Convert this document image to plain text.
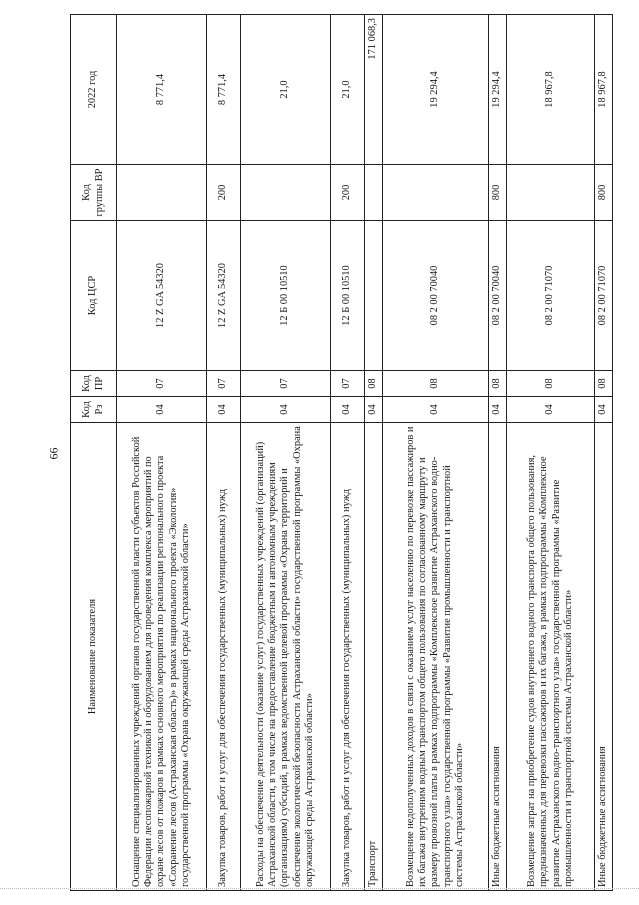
66
Наименование показателя	Код Рз	Код ПР	Код ЦСР	Код группы ВР	2022 год
Оснащение специализированных учреждений органов государственной власти субъектов Российской Федерации лесопожарной техникой и оборудованием для проведения комплекса мероприятий по охране лесов от пожаров в рамках основного мероприятия по реализации регионального проекта «Сохранение лесов (Астраханская область)» в рамках национального проекта «Экология» государственной программы «Охрана окружающей среды Астраханской области»	04	07	12 Z GA 54320		8 771,4
Закупка товаров, работ и услуг для обеспечения государственных (муниципальных) нужд	04	07	12 Z GA 54320	200	8 771,4
Расходы на обеспечение деятельности (оказание услуг) государственных учреждений (организаций) Астраханской области, в том числе на предоставление бюджетным и автономным учреждениям (организациям) субсидий, в рамках ведомственной целевой программы «Охрана территорий и обеспечение экологической безопасности Астраханской области» государственной программы «Охрана окружающей среды Астраханской области»	04	07	12 Б 00 10510		21,0
Закупка товаров, работ и услуг для обеспечения государственных (муниципальных) нужд	04	07	12 Б 00 10510	200	21,0
Транспорт	04	08			171 068,3
Возмещение недополученных доходов в связи с оказанием услуг населению по перевозке пассажиров и их багажа внутренним водным транспортом общего пользования по согласованному маршруту и размеру провозной платы в рамках подпрограммы «Комплексное развитие Астраханского водно-транспортного узла» государственной программы «Развитие промышленности и транспортной системы Астраханской области»	04	08	08 2 00 70040		19 294,4
Иные бюджетные ассигнования	04	08	08 2 00 70040	800	19 294,4
Возмещение затрат на приобретение судов внутреннего водного транспорта общего пользования, предназначенных для перевозки пассажиров и их багажа, в рамках подпрограммы «Комплексное развитие Астраханского водно-транспортного узла» государственной программы «Развитие промышленности и транспортной системы Астраханской области»	04	08	08 2 00 71070		18 967,8
Иные бюджетные ассигнования	04	08	08 2 00 71070	800	18 967,8
